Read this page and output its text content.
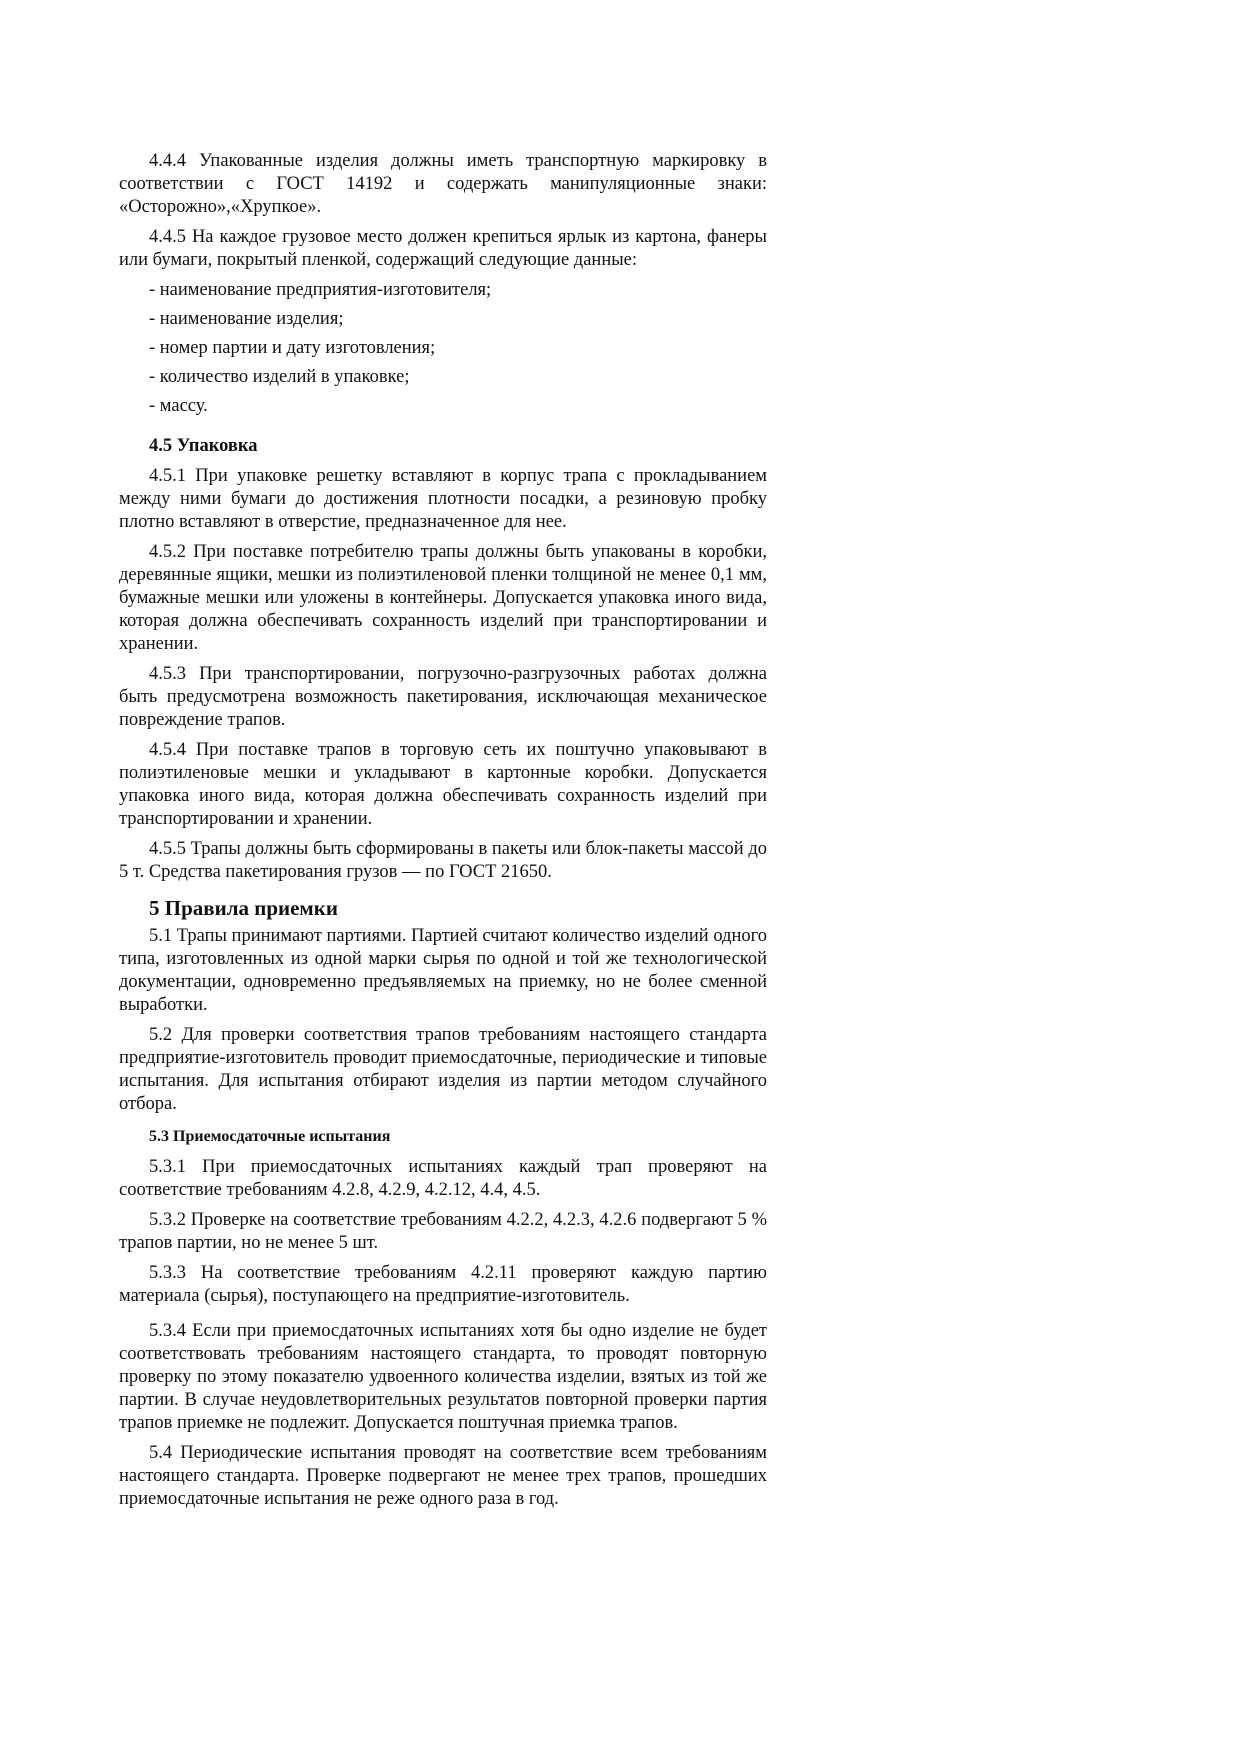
4.4.4 Упакованные изделия должны иметь транспортную маркировку в соответствии с ГОСТ 14192 и содержать манипуляционные знаки: «Осторожно»,«Хрупкое».

4.4.5 На каждое грузовое место должен крепиться ярлык из картона, фанеры или бумаги, покрытый пленкой, содержащий следующие данные:

- наименование предприятия-изготовителя;
- наименование изделия;
- номер партии и дату изготовления;
- количество изделий в упаковке;
- массу.
4.5 Упаковка

4.5.1 При упаковке решетку вставляют в корпус трапа с прокладыванием между ними бумаги до достижения плотности посадки, а резиновую пробку плотно вставляют в отверстие, предназначенное для нее.

4.5.2 При поставке потребителю трапы должны быть упакованы в коробки, деревянные ящики, мешки из полиэтиленовой пленки толщиной не менее 0,1 мм, бумажные мешки или уложены в контейнеры. Допускается упаковка иного вида, которая должна обеспечивать сохранность изделий при транспортировании и хранении.

4.5.3 При транспортировании, погрузочно-разгрузочных работах должна быть предусмотрена возможность пакетирования, исключающая механическое повреждение трапов.

4.5.4 При поставке трапов в торговую сеть их поштучно упаковывают в полиэтиленовые мешки и укладывают в картонные коробки. Допускается упаковка иного вида, которая должна обеспечивать сохранность изделий при транспортировании и хранении.

4.5.5 Трапы должны быть сформированы в пакеты или блок-пакеты массой до 5 т. Средства пакетирования грузов — по ГОСТ 21650.

5 Правила приемки

5.1 Трапы принимают партиями. Партией считают количество изделий одного типа, изготовленных из одной марки сырья по одной и той же технологической документации, одновременно предъявляемых на приемку, но не более сменной выработки.

5.2 Для проверки соответствия трапов требованиям настоящего стандарта предприятие-изготовитель проводит приемосдаточные, периодические и типовые испытания. Для испытания отбирают изделия из партии методом случайного отбора.

5.3 Приемосдаточные испытания

5.3.1 При приемосдаточных испытаниях каждый трап проверяют на соответствие требованиям 4.2.8, 4.2.9, 4.2.12, 4.4, 4.5.

5.3.2 Проверке на соответствие требованиям 4.2.2, 4.2.3, 4.2.6 подвергают 5 % трапов партии, но не менее 5 шт.

5.3.3 На соответствие требованиям 4.2.11 проверяют каждую партию материала (сырья), поступающего на предприятие-изготовитель.

5.3.4 Если при приемосдаточных испытаниях хотя бы одно изделие не будет соответствовать требованиям настоящего стандарта, то проводят повторную проверку по этому показателю удвоенного количества изделии, взятых из той же партии. В случае неудовлетворительных результатов повторной проверки партия трапов приемке не подлежит. Допускается поштучная приемка трапов.

5.4 Периодические испытания проводят на соответствие всем требованиям настоящего стандарта. Проверке подвергают не менее трех трапов, прошедших приемосдаточные испытания не реже одного раза в год.
